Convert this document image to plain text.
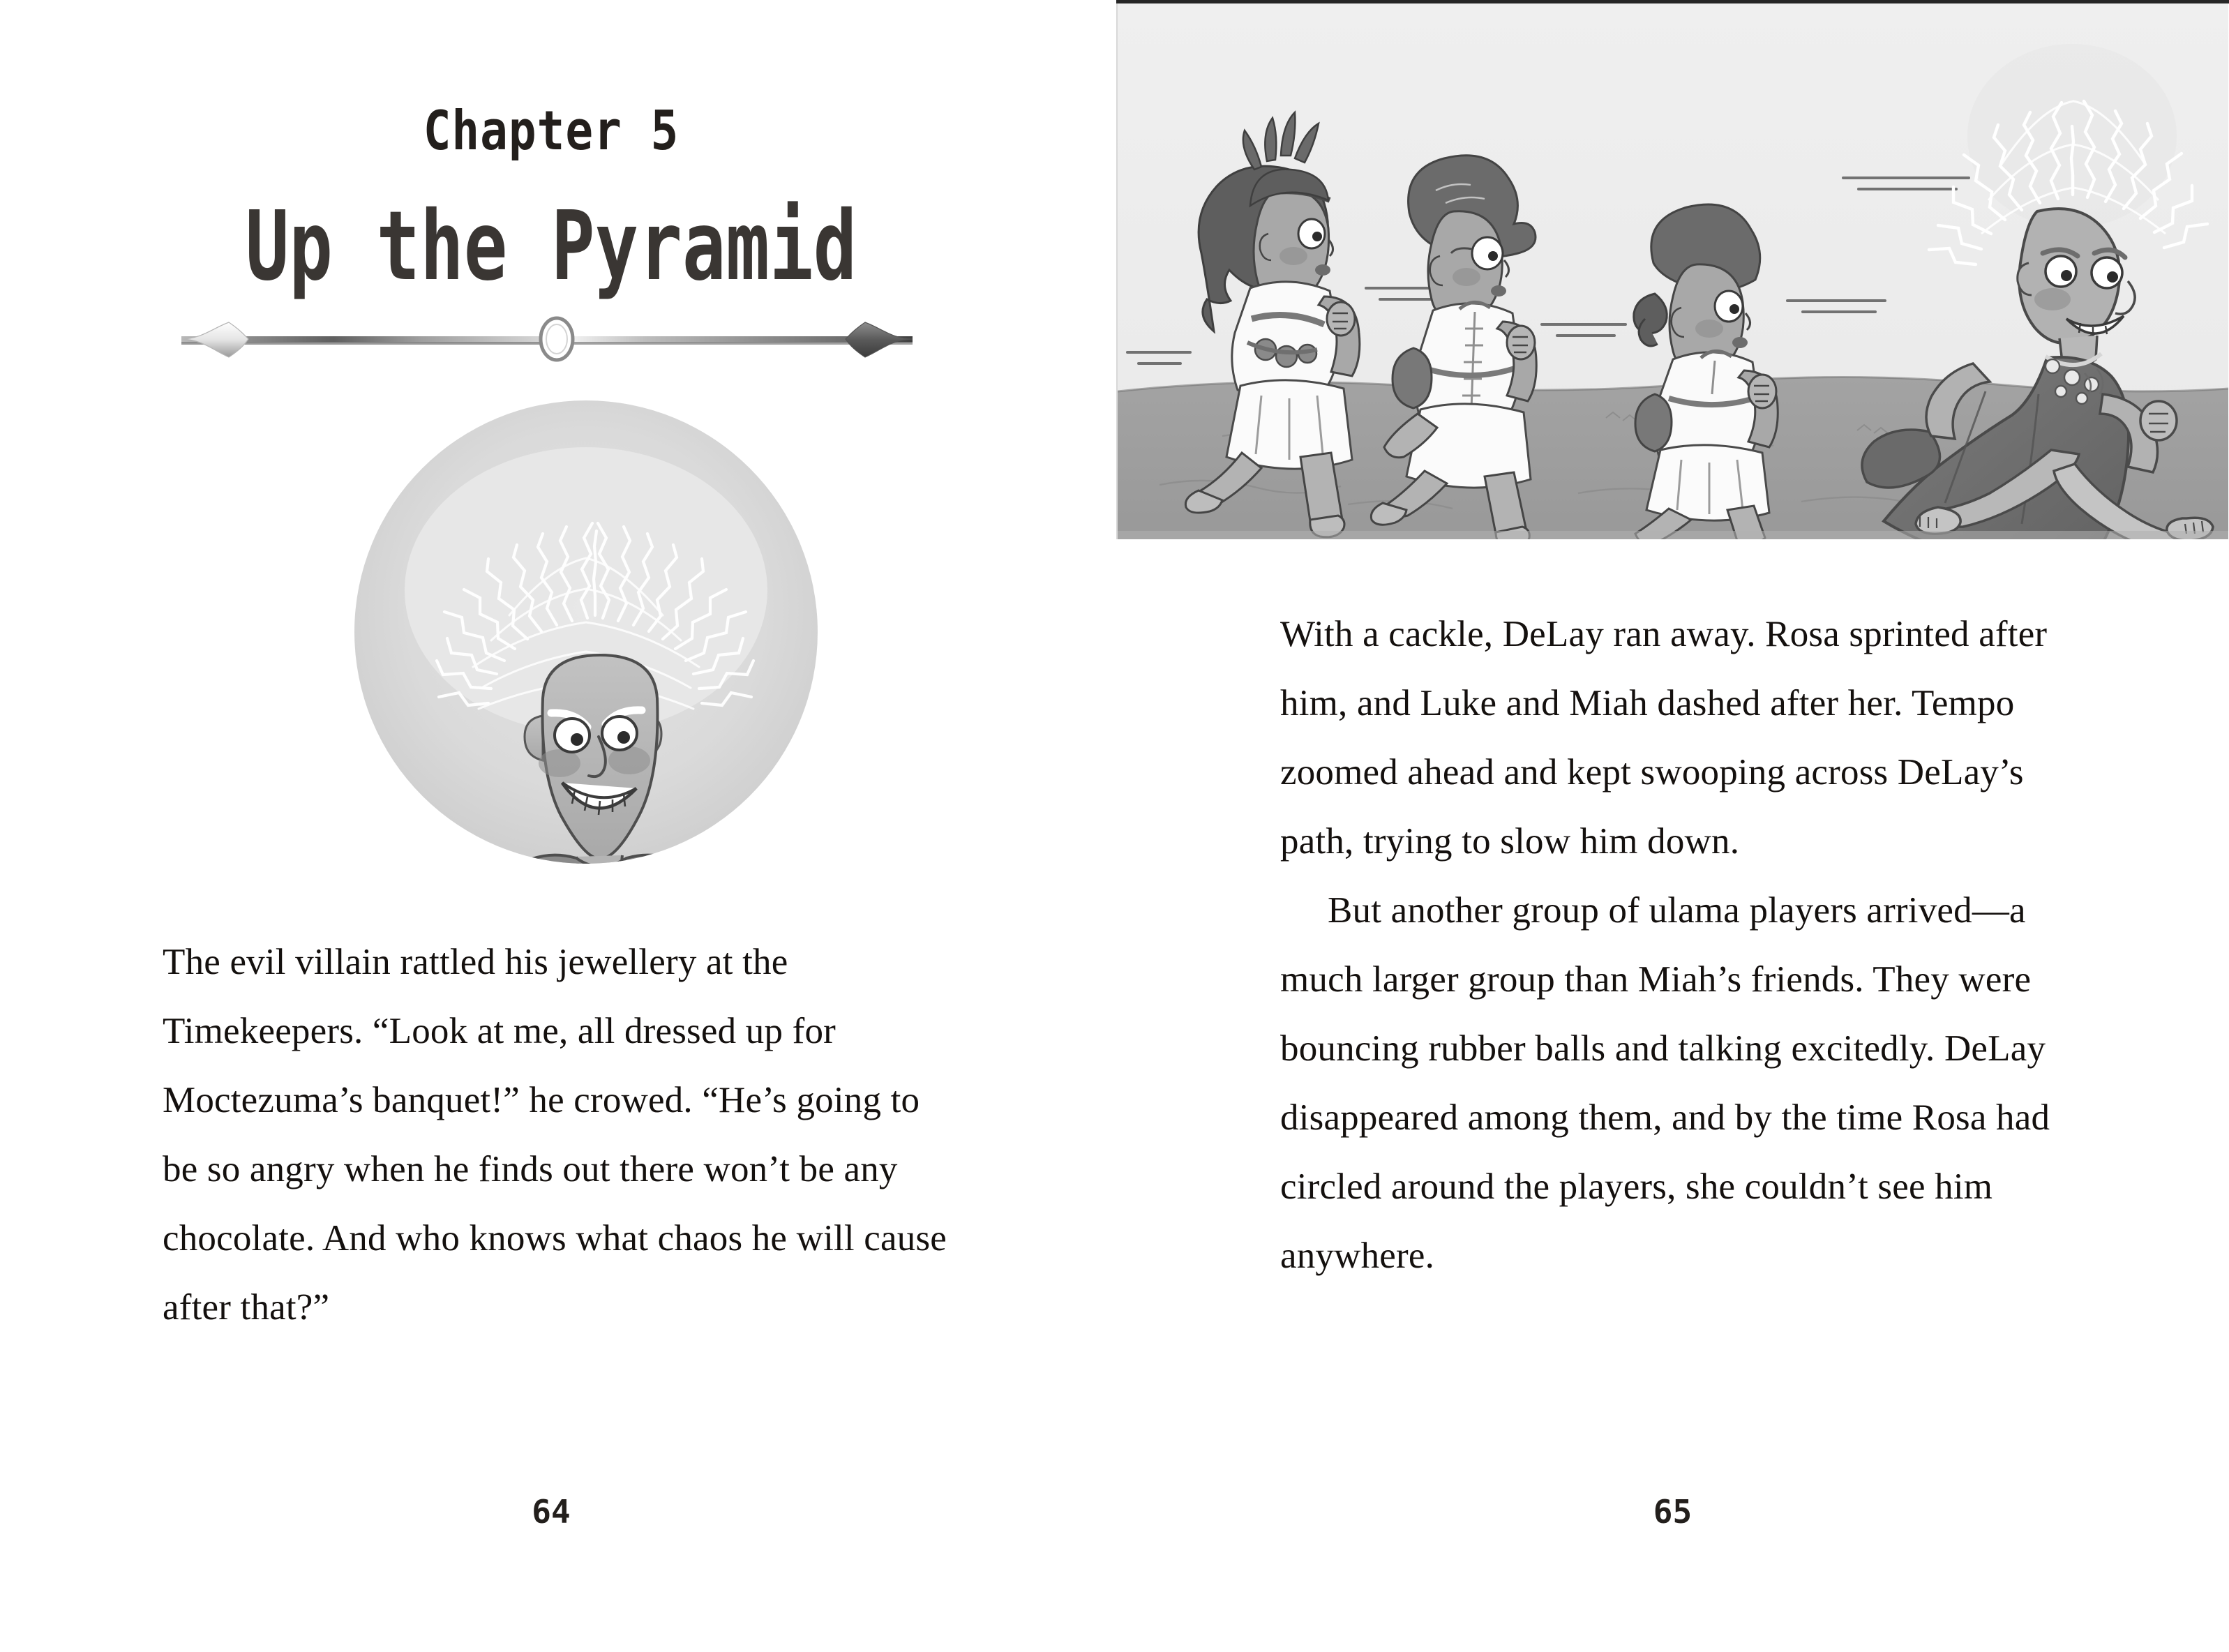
Chapter 5
Up the Pyramid

The evil villain rattled his jewellery at the Timekeepers. “Look at me, all dressed up for Moctezuma’s banquet!” he crowed. “He’s going to be so angry when he finds out there won’t be any chocolate. And who knows what chaos he will cause after that?”

64

With a cackle, DeLay ran away. Rosa sprinted after him, and Luke and Miah dashed after her. Tempo zoomed ahead and kept swooping across DeLay’s path, trying to slow him down.

But another group of ulama players arrived—a much larger group than Miah’s friends. They were bouncing rubber balls and talking excitedly. DeLay disappeared among them, and by the time Rosa had circled around the players, she couldn’t see him anywhere.

65
